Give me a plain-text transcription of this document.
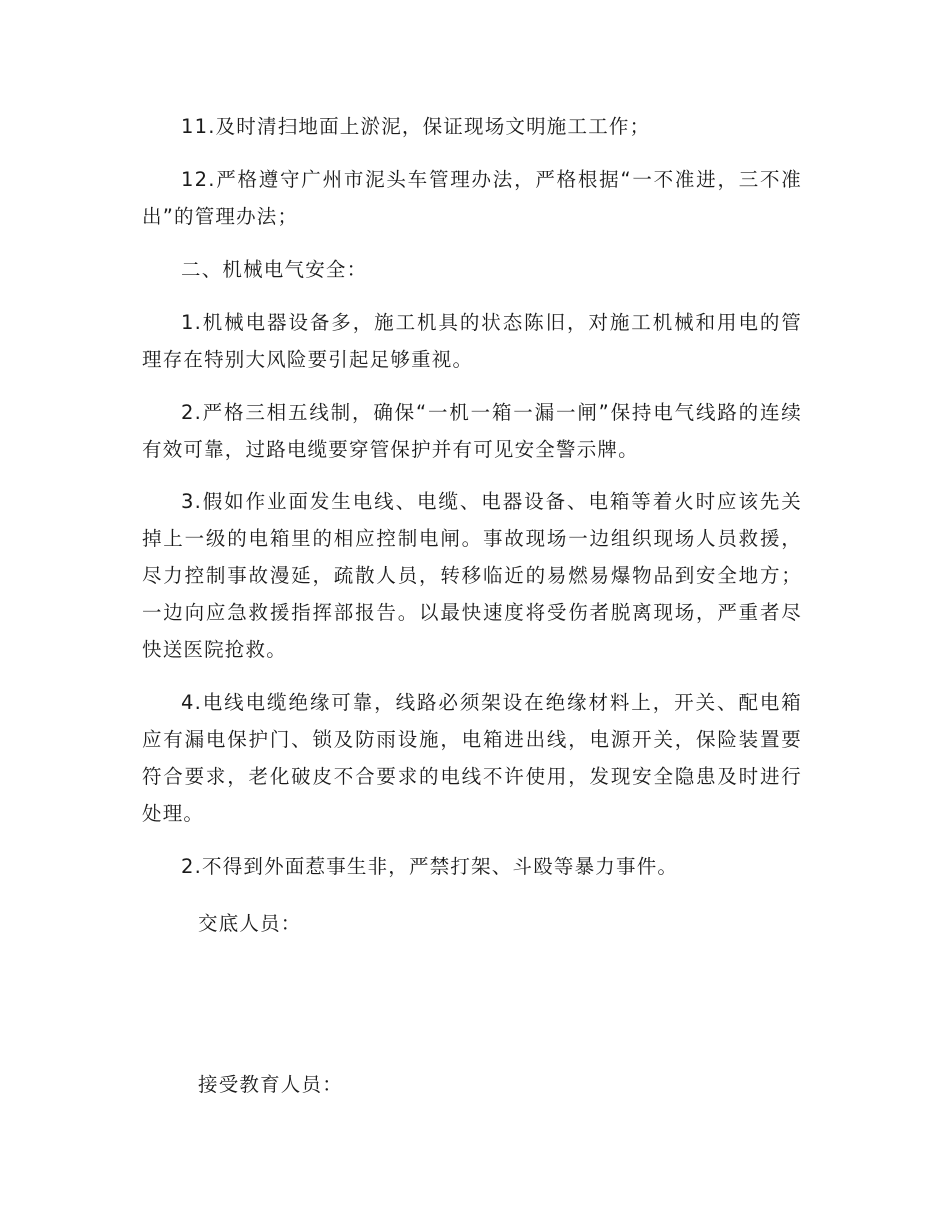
11.及时清扫地面上淤泥，保证现场文明施工工作；

12.严格遵守广州市泥头车管理办法，严格根据“一不准进，三不准出”的管理办法；

二、机械电气安全：

1.机械电器设备多，施工机具的状态陈旧，对施工机械和用电的管理存在特别大风险要引起足够重视。

2.严格三相五线制，确保“一机一箱一漏一闸”保持电气线路的连续有效可靠，过路电缆要穿管保护并有可见安全警示牌。

3.假如作业面发生电线、电缆、电器设备、电箱等着火时应该先关掉上一级的电箱里的相应控制电闸。事故现场一边组织现场人员救援，尽力控制事故漫延，疏散人员，转移临近的易燃易爆物品到安全地方；一边向应急救援指挥部报告。以最快速度将受伤者脱离现场，严重者尽快送医院抢救。

4.电线电缆绝缘可靠，线路必须架设在绝缘材料上，开关、配电箱应有漏电保护门、锁及防雨设施，电箱进出线，电源开关，保险装置要符合要求，老化破皮不合要求的电线不许使用，发现安全隐患及时进行处理。

2.不得到外面惹事生非，严禁打架、斗殴等暴力事件。

交底人员：

接受教育人员：
